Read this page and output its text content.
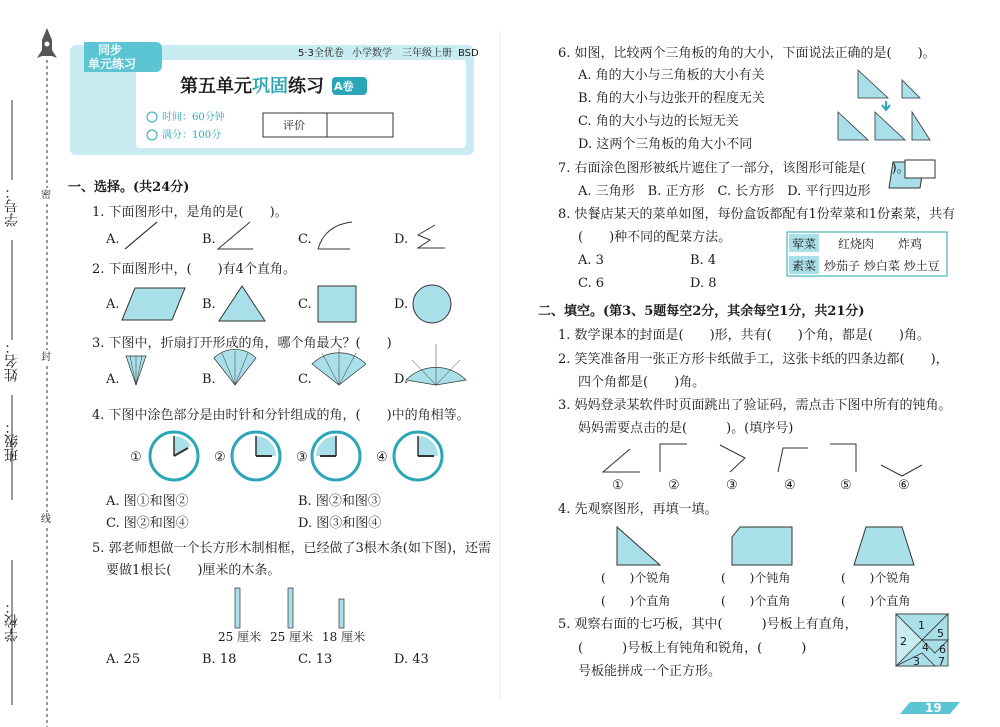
学号：
姓名：
班级：
学校：
密
封
线
同步
单元练习
5·3全优卷 小学数学 三年级上册 BSD
第五单元巩固练习 A卷
时间：60分钟
满分：100分
评价
一、选择。(共24分)
1. 下面图形中，是角的是(　　)。
A.	B.	C.	D.
2. 下面图形中，(　　)有4个直角。
A.	B.	C.	D.
3. 下图中，折扇打开形成的角，哪个角最大？(　　)
A.	B.	C.	D.
4. 下图中涂色部分是由时针和分针组成的角，(　　)中的角相等。
①	②	③	④
A. 图①和图②	B. 图②和图③
C. 图②和图④	D. 图③和图④
5. 郭老师想做一个长方形木制相框，已经做了3根木条(如下图)，还需
要做1根长(　　)厘米的木条。
25 厘米 25 厘米 18 厘米
A. 25	B. 18	C. 13	D. 43
6. 如图，比较两个三角板的角的大小，下面说法正确的是(　　)。
A. 角的大小与三角板的大小有关
B. 角的大小与边张开的程度无关
C. 角的大小与边的长短无关
D. 这两个三角板的角大小不同
7. 右面涂色图形被纸片遮住了一部分，该图形可能是(　　)。
A. 三角形　B. 正方形　C. 长方形　D. 平行四边形
8. 快餐店某天的菜单如图，每份盒饭都配有1份荤菜和1份素菜，共有
(　　)种不同的配菜方法。	荤菜 红烧肉　　炸鸡
素菜 炒茄子 炒白菜 炒土豆
A. 3	B. 4
C. 6	D. 8
二、填空。(第3、5题每空2分，其余每空1分，共21分)
1. 数学课本的封面是(　　)形，共有(　　)个角，都是(　　)角。
2. 笑笑准备用一张正方形卡纸做手工，这张卡纸的四条边都(　　)，
四个角都是(　　)角。
3. 妈妈登录某软件时页面跳出了验证码，需点击下图中所有的钝角。
妈妈需要点击的是(　　　)。(填序号)
①	②	③	④	⑤	⑥
4. 先观察图形，再填一填。
(　　)个锐角
(　　)个直角
(　　)个钝角
(　　)个直角
(　　)个锐角
(　　)个直角
5. 观察右面的七巧板，其中(　　　)号板上有直角，
(　　　)号板上有钝角和锐角，(　　　)
号板能拼成一个正方形。
1
2
3
4
5
6
7
19
